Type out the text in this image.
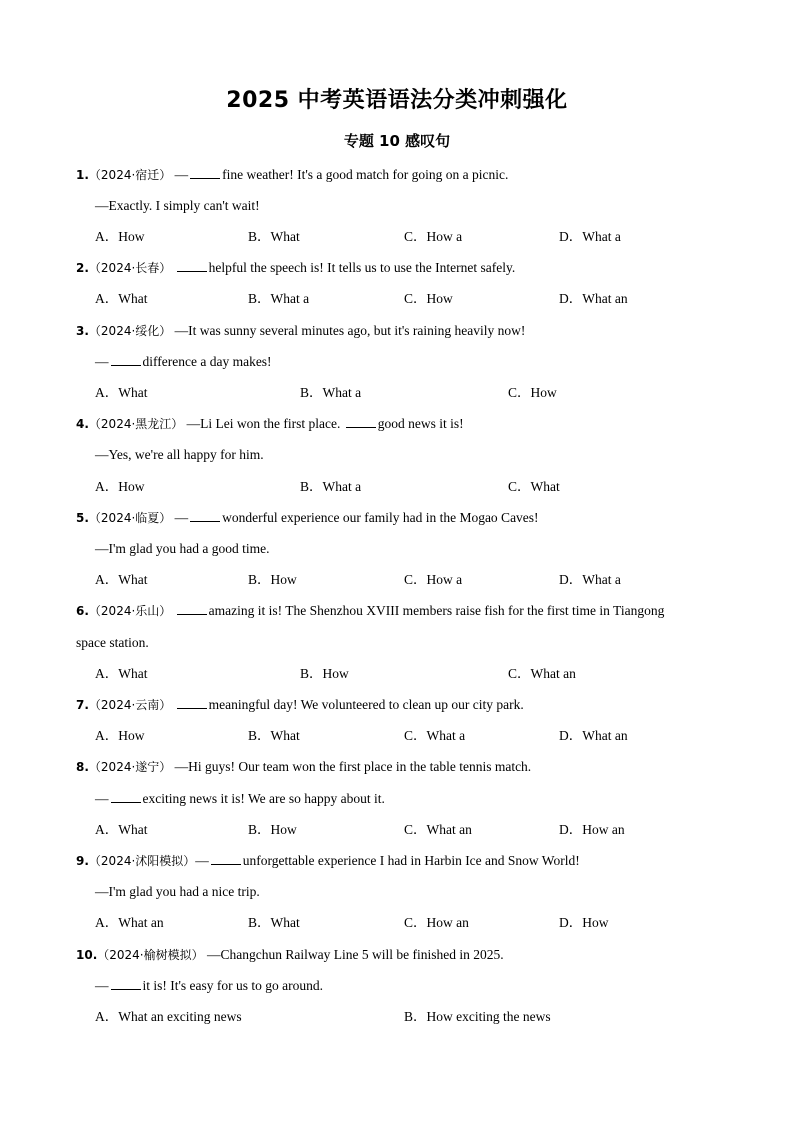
2025 中考英语语法分类冲刺强化
专题 10 感叹句
1.（2024·宿迁） —	fine weather! It's a good match for going on a picnic.
—Exactly. I simply can't wait!
A．How	B．What	C．How a	D．What a
2.（2024·长春）	helpful the speech is! It tells us to use the Internet safely.
A．What	B．What a	C．How	D．What an
3.（2024·绥化） —It was sunny several minutes ago, but it's raining heavily now!
—	difference a day makes!
A．What	B．What a	C．How
4.（2024·黑龙江） —Li Lei won the first place.	good news it is!
—Yes, we're all happy for him.
A．How	B．What a	C．What
5.（2024·临夏） —	wonderful experience our family had in the Mogao Caves!
—I'm glad you had a good time.
A．What	B．How	C．How a	D．What a
6.（2024·乐山）	amazing it is! The Shenzhou XVIII members raise fish for the first time in Tiangong
space station.
A．What	B．How	C．What an
7.（2024·云南）	meaningful day! We volunteered to clean up our city park.
A．How	B．What	C．What a	D．What an
8.（2024·遂宁） —Hi guys! Our team won the first place in the table tennis match.
—	exciting news it is! We are so happy about it.
A．What	B．How	C．What an	D．How an
9.（2024·沭阳模拟）—	unforgettable experience I had in Harbin Ice and Snow World!
—I'm glad you had a nice trip.
A．What an	B．What	C．How an	D．How
10.（2024·榆树模拟） —Changchun Railway Line 5 will be finished in 2025.
—	it is! It's easy for us to go around.
A．What an exciting news	B．How exciting the news
